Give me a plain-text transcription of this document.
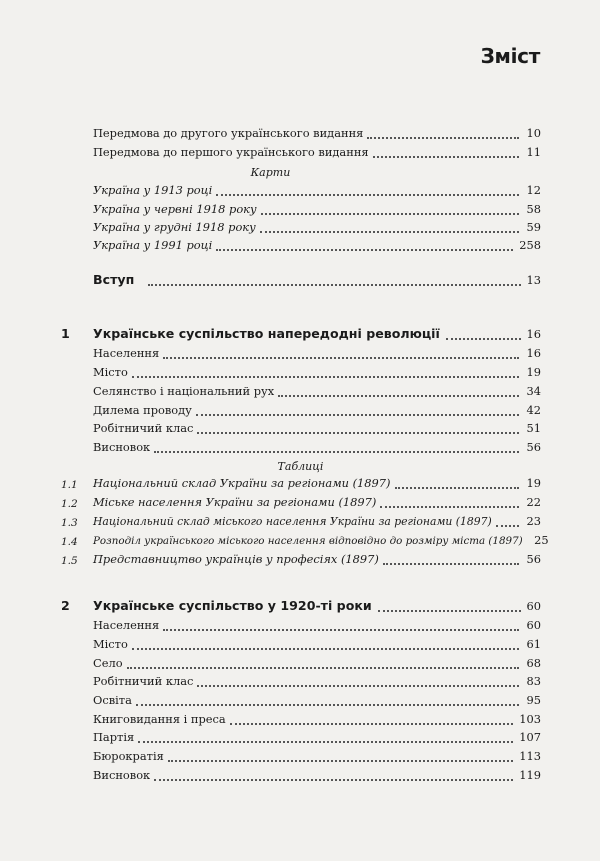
Зміст
Передмова до другого українського видання	10
Передмова до першого українського видання	11
Карти
Україна у 1913 році	12
Україна у червні 1918 року	58
Україна у грудні 1918 року	59
Україна у 1991 році	258
Вступ	13
1	Українське суспільство напередодні революції	16
Населення	16
Місто	19
Селянство і національний рух	34
Дилема проводу	42
Робітничий клас	51
Висновок	56
Таблиці
1.1 Національний склад України за регіонами (1897)	19
1.2 Міське населення України за регіонами (1897)	22
1.3 Національний склад міського населення України за регіонами (1897)	23
1.4 Розподіл українського міського населення відповідно до розміру міста (1897)	25
1.5 Представництво українців у професіях (1897)	56
2	Українське суспільство у 1920-ті роки	60
Населення	60
Місто	61
Село	68
Робітничий клас	83
Освіта	95
Книговидання і преса	103
Партія	107
Бюрократія	113
Висновок	119
